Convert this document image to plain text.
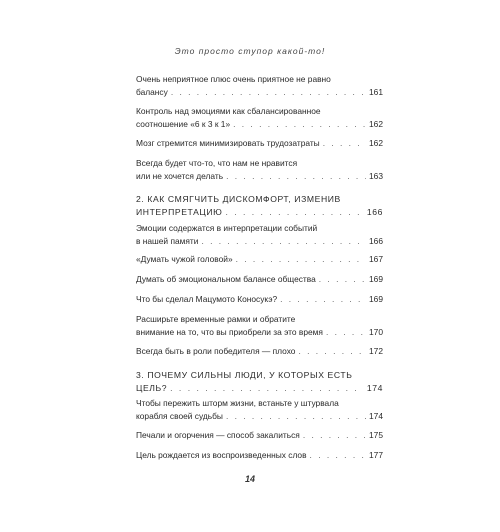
Это просто ступор какой-то!
Очень неприятное плюс очень приятное не равно
балансу . . .	161
Контроль над эмоциями как сбалансированное
соотношение «6 к 3 к 1» . . .	162
Мозг стремится минимизировать трудозатраты . . .	162
Всегда будет что-то, что нам не нравится
или не хочется делать . . .	163
2. КАК СМЯГЧИТЬ ДИСКОМФОРТ, ИЗМЕНИВ
ИНТЕРПРЕТАЦИЮ . . .	166
Эмоции содержатся в интерпретации событий
в нашей памяти . . .	166
«Думать чужой головой» . . .	167
Думать об эмоциональном балансе общества . . .	169
Что бы сделал Мацумото Коносукэ? . . .	169
Расширьте временные рамки и обратите
внимание на то, что вы приобрели за это время . . .	170
Всегда быть в роли победителя — плохо . . .	172
3. ПОЧЕМУ СИЛЬНЫ ЛЮДИ, У КОТОРЫХ ЕСТЬ
ЦЕЛЬ? . . .	174
Чтобы пережить шторм жизни, встаньте у штурвала
корабля своей судьбы . . .	174
Печали и огорчения — способ закалиться . . .	175
Цель рождается из воспроизведенных слов . . .	177
14
